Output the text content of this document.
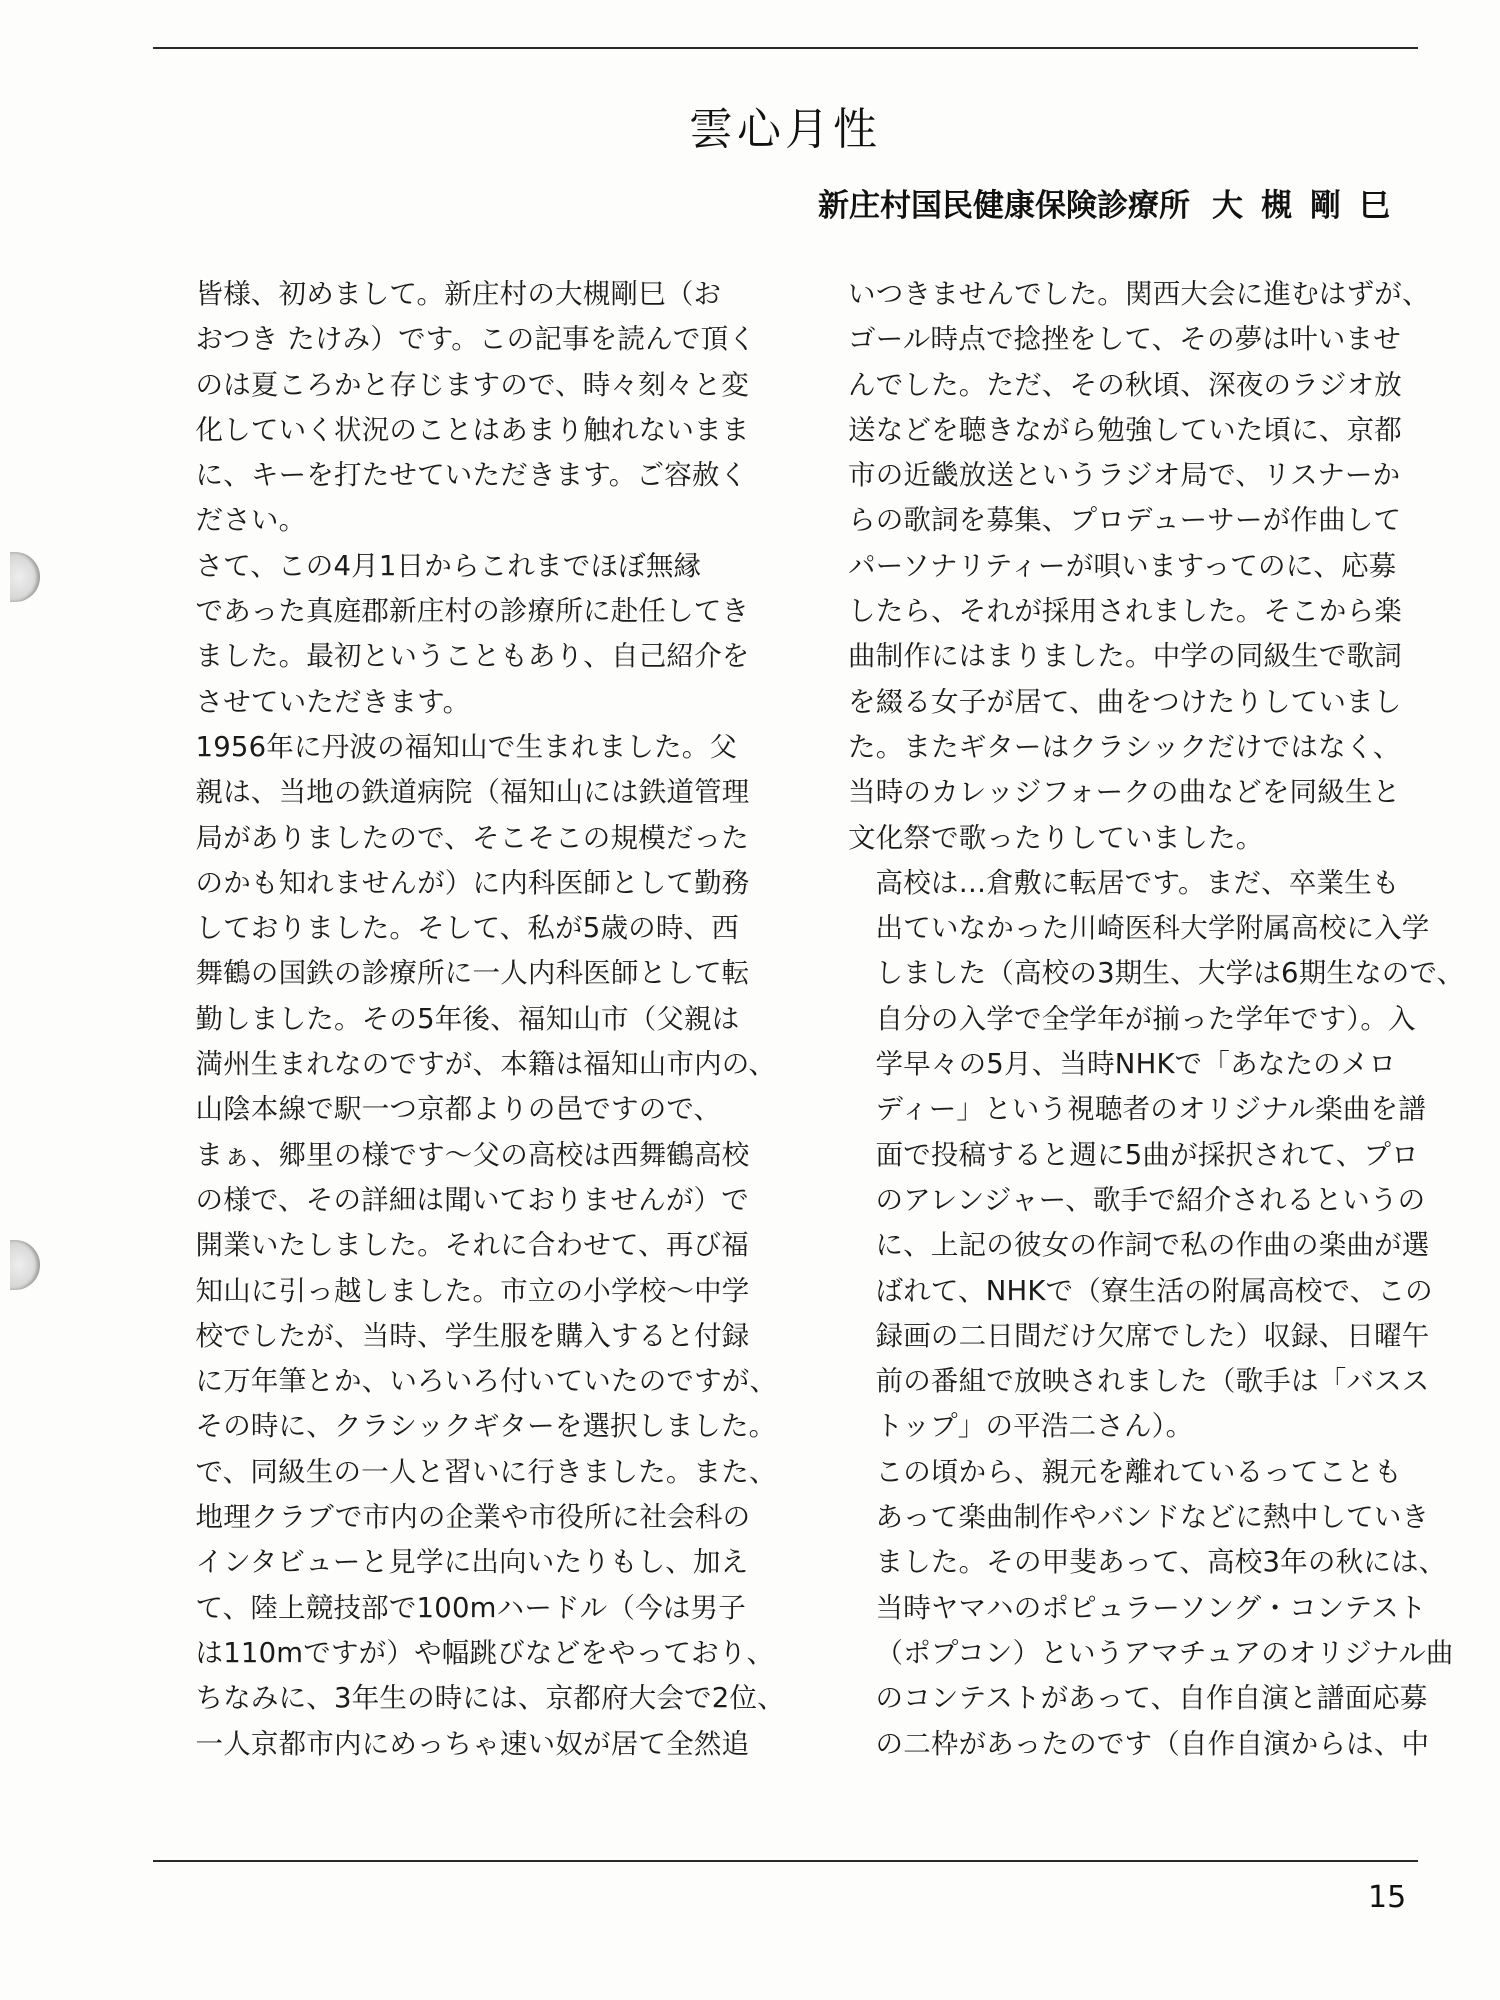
雲心月性
新庄村国民健康保険診療所 大槻剛巳

皆様、初めまして。新庄村の大槻剛巳（お
おつき たけみ）です。この記事を読んで頂く
のは夏ころかと存じますので、時々刻々と変
化していく状況のことはあまり触れないまま
に、キーを打たせていただきます。ご容赦く
ださい。

さて、この4月1日からこれまでほぼ無縁
であった真庭郡新庄村の診療所に赴任してき
ました。最初ということもあり、自己紹介を
させていただきます。

1956年に丹波の福知山で生まれました。父
親は、当地の鉄道病院（福知山には鉄道管理
局がありましたので、そこそこの規模だった
のかも知れませんが）に内科医師として勤務
しておりました。そして、私が5歳の時、西
舞鶴の国鉄の診療所に一人内科医師として転
勤しました。その5年後、福知山市（父親は
満州生まれなのですが、本籍は福知山市内の、
山陰本線で駅一つ京都よりの邑ですので、
まぁ、郷里の様です〜父の高校は西舞鶴高校
の様で、その詳細は聞いておりませんが）で
開業いたしました。それに合わせて、再び福
知山に引っ越しました。市立の小学校〜中学
校でしたが、当時、学生服を購入すると付録
に万年筆とか、いろいろ付いていたのですが、
その時に、クラシックギターを選択しました。
で、同級生の一人と習いに行きました。また、
地理クラブで市内の企業や市役所に社会科の
インタビューと見学に出向いたりもし、加え
て、陸上競技部で100mハードル（今は男子
は110mですが）や幅跳びなどをやっており、
ちなみに、3年生の時には、京都府大会で2位、
一人京都市内にめっちゃ速い奴が居て全然追

いつきませんでした。関西大会に進むはずが、
ゴール時点で捻挫をして、その夢は叶いませ
んでした。ただ、その秋頃、深夜のラジオ放
送などを聴きながら勉強していた頃に、京都
市の近畿放送というラジオ局で、リスナーか
らの歌詞を募集、プロデューサーが作曲して
パーソナリティーが唄いますってのに、応募
したら、それが採用されました。そこから楽
曲制作にはまりました。中学の同級生で歌詞
を綴る女子が居て、曲をつけたりしていまし
た。またギターはクラシックだけではなく、
当時のカレッジフォークの曲などを同級生と
文化祭で歌ったりしていました。

高校は…倉敷に転居です。まだ、卒業生も
出ていなかった川崎医科大学附属高校に入学
しました（高校の3期生、大学は6期生なので、
自分の入学で全学年が揃った学年です）。入
学早々の5月、当時NHKで「あなたのメロ
ディー」という視聴者のオリジナル楽曲を譜
面で投稿すると週に5曲が採択されて、プロ
のアレンジャー、歌手で紹介されるというの
に、上記の彼女の作詞で私の作曲の楽曲が選
ばれて、NHKで（寮生活の附属高校で、この
録画の二日間だけ欠席でした）収録、日曜午
前の番組で放映されました（歌手は「バスス
トップ」の平浩二さん）。

この頃から、親元を離れているってことも
あって楽曲制作やバンドなどに熱中していき
ました。その甲斐あって、高校3年の秋には、
当時ヤマハのポピュラーソング・コンテスト
（ポプコン）というアマチュアのオリジナル曲
のコンテストがあって、自作自演と譜面応募
の二枠があったのです（自作自演からは、中

15
